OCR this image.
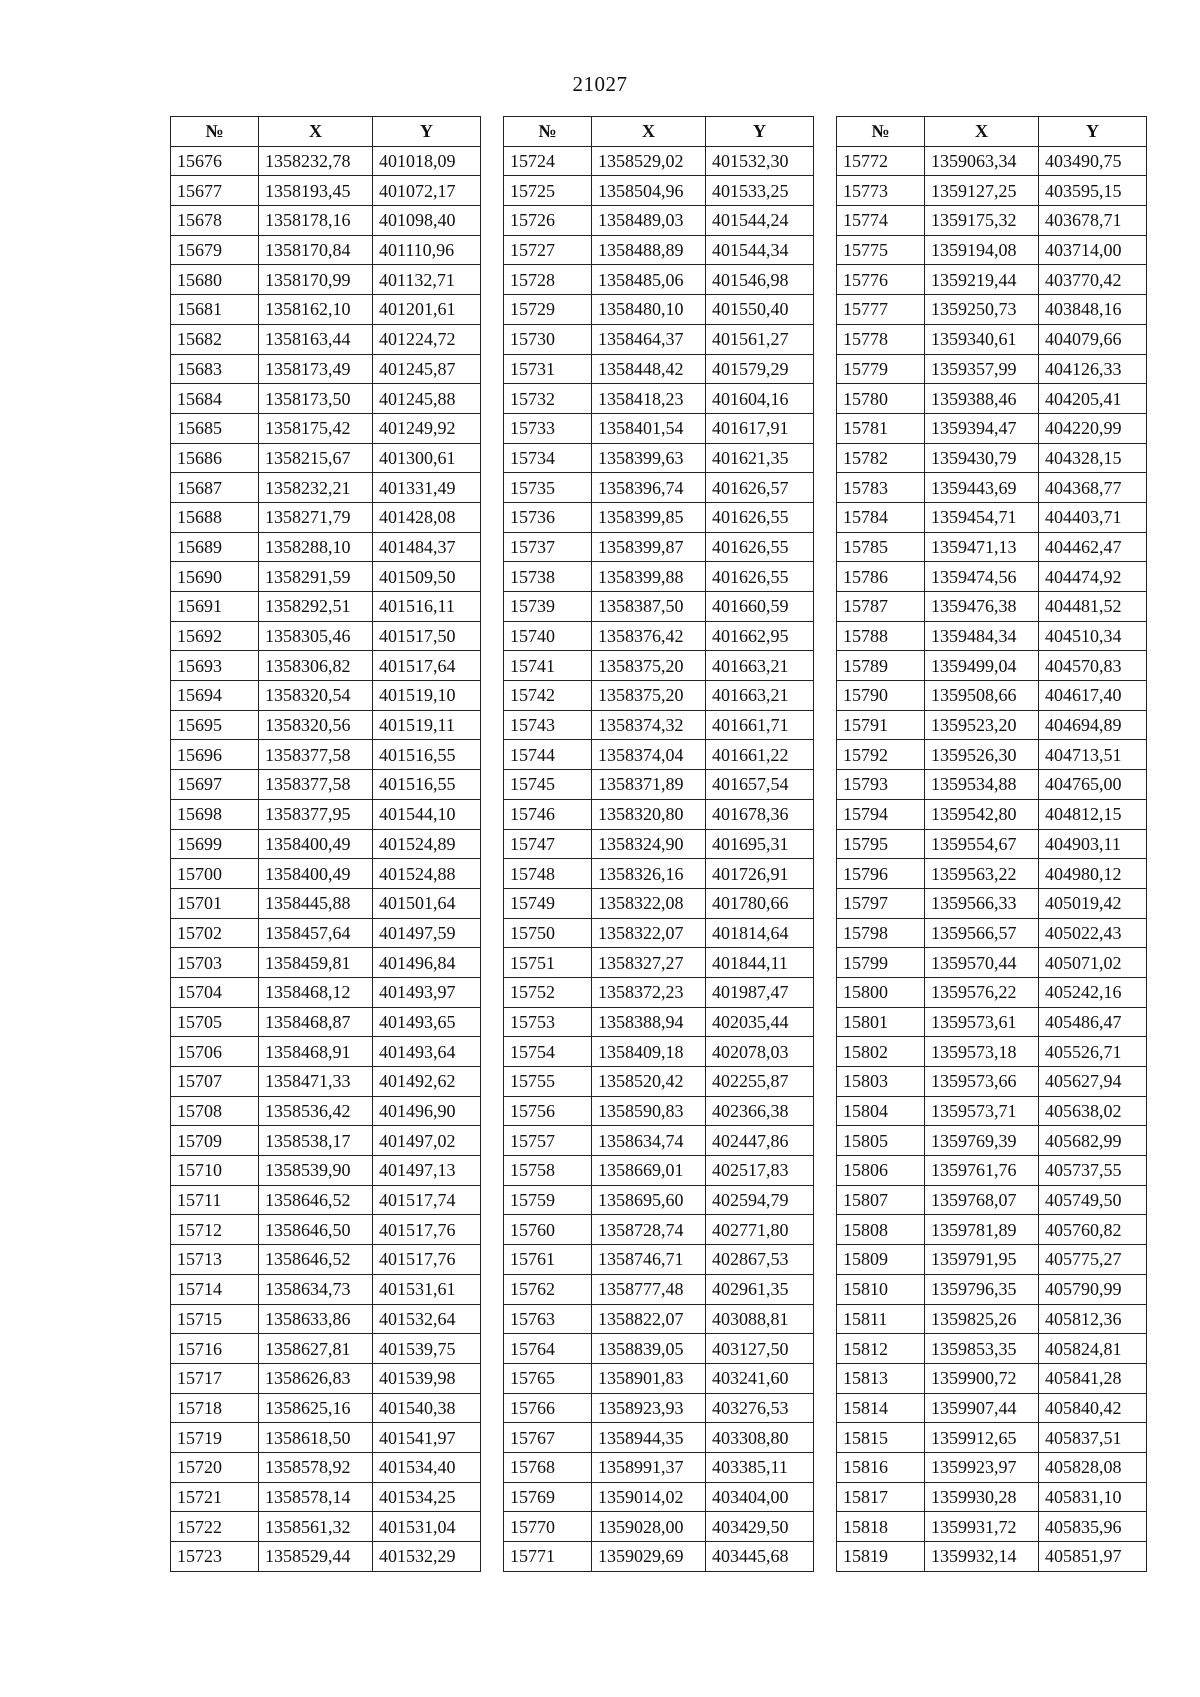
21027
№	X	Y
15676	1358232,78	401018,09
15677	1358193,45	401072,17
15678	1358178,16	401098,40
15679	1358170,84	401110,96
15680	1358170,99	401132,71
15681	1358162,10	401201,61
15682	1358163,44	401224,72
15683	1358173,49	401245,87
15684	1358173,50	401245,88
15685	1358175,42	401249,92
15686	1358215,67	401300,61
15687	1358232,21	401331,49
15688	1358271,79	401428,08
15689	1358288,10	401484,37
15690	1358291,59	401509,50
15691	1358292,51	401516,11
15692	1358305,46	401517,50
15693	1358306,82	401517,64
15694	1358320,54	401519,10
15695	1358320,56	401519,11
15696	1358377,58	401516,55
15697	1358377,58	401516,55
15698	1358377,95	401544,10
15699	1358400,49	401524,89
15700	1358400,49	401524,88
15701	1358445,88	401501,64
15702	1358457,64	401497,59
15703	1358459,81	401496,84
15704	1358468,12	401493,97
15705	1358468,87	401493,65
15706	1358468,91	401493,64
15707	1358471,33	401492,62
15708	1358536,42	401496,90
15709	1358538,17	401497,02
15710	1358539,90	401497,13
15711	1358646,52	401517,74
15712	1358646,50	401517,76
15713	1358646,52	401517,76
15714	1358634,73	401531,61
15715	1358633,86	401532,64
15716	1358627,81	401539,75
15717	1358626,83	401539,98
15718	1358625,16	401540,38
15719	1358618,50	401541,97
15720	1358578,92	401534,40
15721	1358578,14	401534,25
15722	1358561,32	401531,04
15723	1358529,44	401532,29
№	X	Y
15724	1358529,02	401532,30
15725	1358504,96	401533,25
15726	1358489,03	401544,24
15727	1358488,89	401544,34
15728	1358485,06	401546,98
15729	1358480,10	401550,40
15730	1358464,37	401561,27
15731	1358448,42	401579,29
15732	1358418,23	401604,16
15733	1358401,54	401617,91
15734	1358399,63	401621,35
15735	1358396,74	401626,57
15736	1358399,85	401626,55
15737	1358399,87	401626,55
15738	1358399,88	401626,55
15739	1358387,50	401660,59
15740	1358376,42	401662,95
15741	1358375,20	401663,21
15742	1358375,20	401663,21
15743	1358374,32	401661,71
15744	1358374,04	401661,22
15745	1358371,89	401657,54
15746	1358320,80	401678,36
15747	1358324,90	401695,31
15748	1358326,16	401726,91
15749	1358322,08	401780,66
15750	1358322,07	401814,64
15751	1358327,27	401844,11
15752	1358372,23	401987,47
15753	1358388,94	402035,44
15754	1358409,18	402078,03
15755	1358520,42	402255,87
15756	1358590,83	402366,38
15757	1358634,74	402447,86
15758	1358669,01	402517,83
15759	1358695,60	402594,79
15760	1358728,74	402771,80
15761	1358746,71	402867,53
15762	1358777,48	402961,35
15763	1358822,07	403088,81
15764	1358839,05	403127,50
15765	1358901,83	403241,60
15766	1358923,93	403276,53
15767	1358944,35	403308,80
15768	1358991,37	403385,11
15769	1359014,02	403404,00
15770	1359028,00	403429,50
15771	1359029,69	403445,68
№	X	Y
15772	1359063,34	403490,75
15773	1359127,25	403595,15
15774	1359175,32	403678,71
15775	1359194,08	403714,00
15776	1359219,44	403770,42
15777	1359250,73	403848,16
15778	1359340,61	404079,66
15779	1359357,99	404126,33
15780	1359388,46	404205,41
15781	1359394,47	404220,99
15782	1359430,79	404328,15
15783	1359443,69	404368,77
15784	1359454,71	404403,71
15785	1359471,13	404462,47
15786	1359474,56	404474,92
15787	1359476,38	404481,52
15788	1359484,34	404510,34
15789	1359499,04	404570,83
15790	1359508,66	404617,40
15791	1359523,20	404694,89
15792	1359526,30	404713,51
15793	1359534,88	404765,00
15794	1359542,80	404812,15
15795	1359554,67	404903,11
15796	1359563,22	404980,12
15797	1359566,33	405019,42
15798	1359566,57	405022,43
15799	1359570,44	405071,02
15800	1359576,22	405242,16
15801	1359573,61	405486,47
15802	1359573,18	405526,71
15803	1359573,66	405627,94
15804	1359573,71	405638,02
15805	1359769,39	405682,99
15806	1359761,76	405737,55
15807	1359768,07	405749,50
15808	1359781,89	405760,82
15809	1359791,95	405775,27
15810	1359796,35	405790,99
15811	1359825,26	405812,36
15812	1359853,35	405824,81
15813	1359900,72	405841,28
15814	1359907,44	405840,42
15815	1359912,65	405837,51
15816	1359923,97	405828,08
15817	1359930,28	405831,10
15818	1359931,72	405835,96
15819	1359932,14	405851,97
